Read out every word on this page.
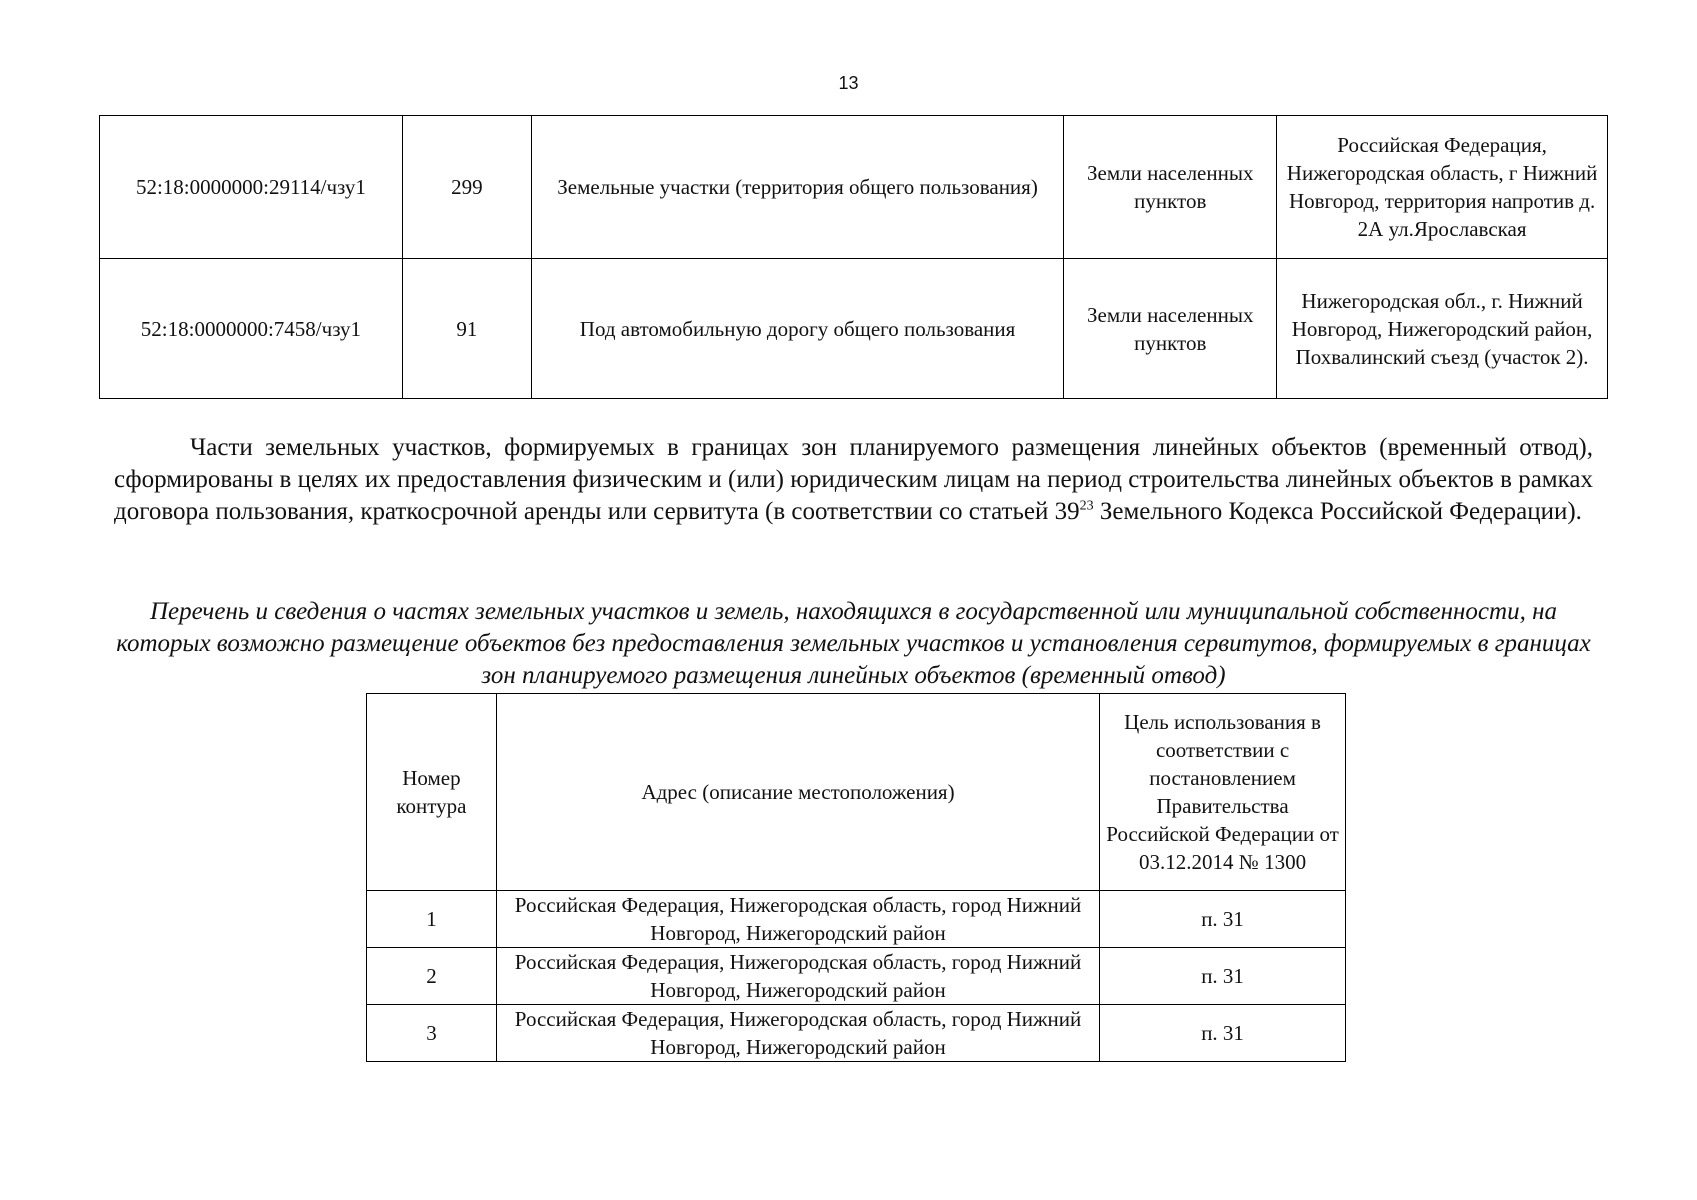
13
52:18:0000000:29114/чзу1	299	Земельные участки (территория общего пользования)	Земли населенных пунктов	Российская Федерация, Нижегородская область, г Нижний Новгород, территория напротив д. 2А ул.Ярославская
52:18:0000000:7458/чзу1	91	Под автомобильную дорогу общего пользования	Земли населенных пунктов	Нижегородская обл., г. Нижний Новгород, Нижегородский район, Похвалинский съезд (участок 2).

Части земельных участков, формируемых в границах зон планируемого размещения линейных объектов (временный отвод), сформированы в целях их предоставления физическим и (или) юридическим лицам на период строительства линейных объектов в рамках договора пользования, краткосрочной аренды или сервитута (в соответствии со статьей $39^{23}$ Земельного Кодекса Российской Федерации).

Перечень и сведения о частях земельных участков и земель, находящихся в государственной или муниципальной собственности, на которых возможно размещение объектов без предоставления земельных участков и установления сервитутов, формируемых в границах зон планируемого размещения линейных объектов (временный отвод)

Номер контура	Адрес (описание местоположения)	Цель использования в соответствии с постановлением Правительства Российской Федерации от 03.12.2014 № 1300
1	Российская Федерация, Нижегородская область, город Нижний Новгород, Нижегородский район	п. 31
2	Российская Федерация, Нижегородская область, город Нижний Новгород, Нижегородский район	п. 31
3	Российская Федерация, Нижегородская область, город Нижний Новгород, Нижегородский район	п. 31
